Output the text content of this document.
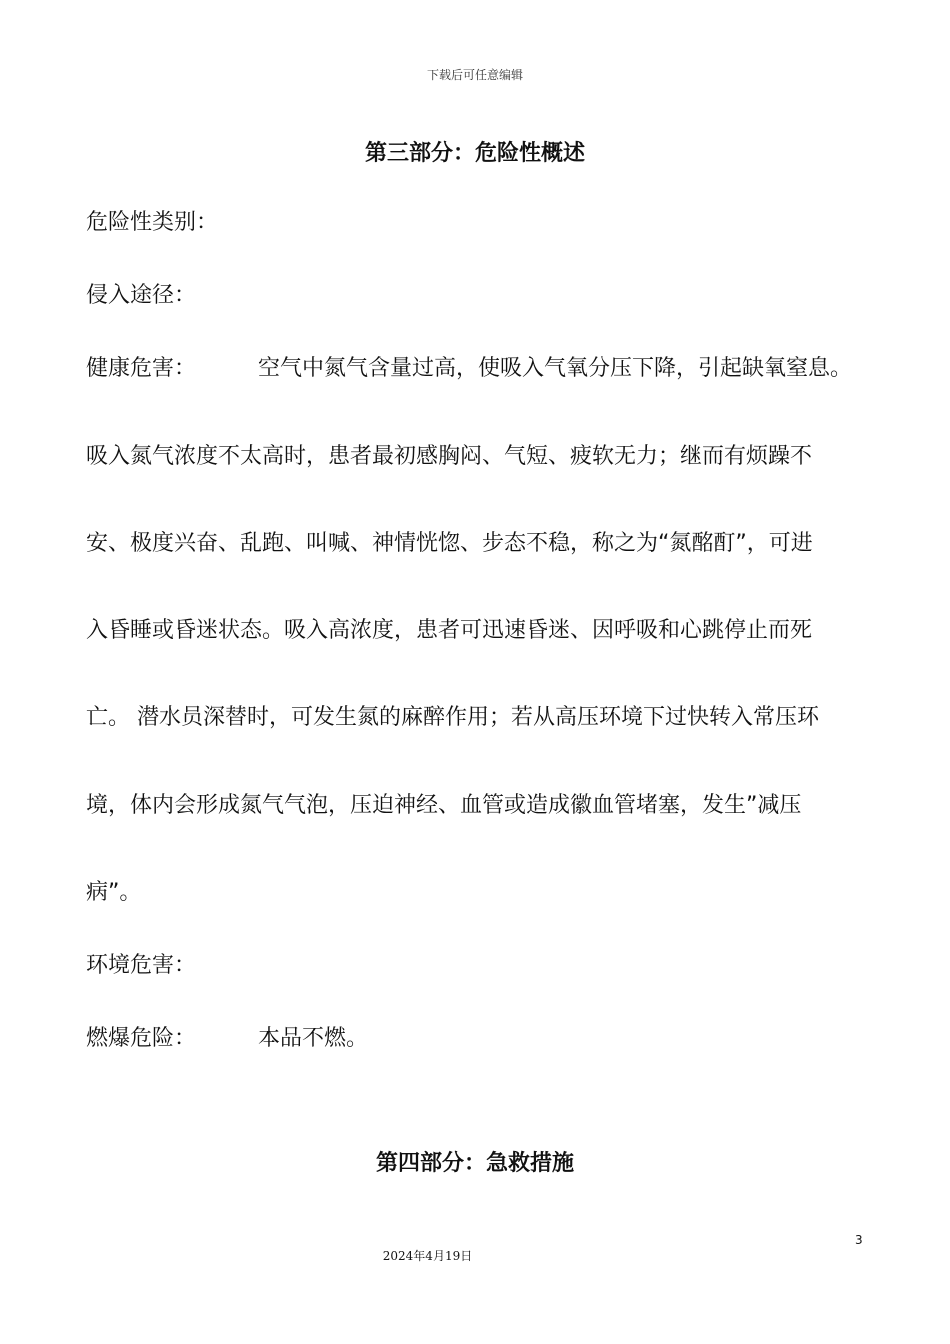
下载后可任意编辑
第三部分：危险性概述
危险性类别：
侵入途径：
健康危害：	空气中氮气含量过高，使吸入气氧分压下降，引起缺氧窒息。
吸入氮气浓度不太高时，患者最初感胸闷、气短、疲软无力；继而有烦躁不
安、极度兴奋、乱跑、叫喊、神情恍惚、步态不稳，称之为“氮酩酊”，可进
入昏睡或昏迷状态。吸入高浓度，患者可迅速昏迷、因呼吸和心跳停止而死
亡。 潜水员深替时，可发生氮的麻醉作用；若从高压环境下过快转入常压环
境，体内会形成氮气气泡，压迫神经、血管或造成徽血管堵塞，发生”减压
病”。
环境危害：
燃爆危险：	本品不燃。
第四部分：急救措施
3
2024年4月19日
